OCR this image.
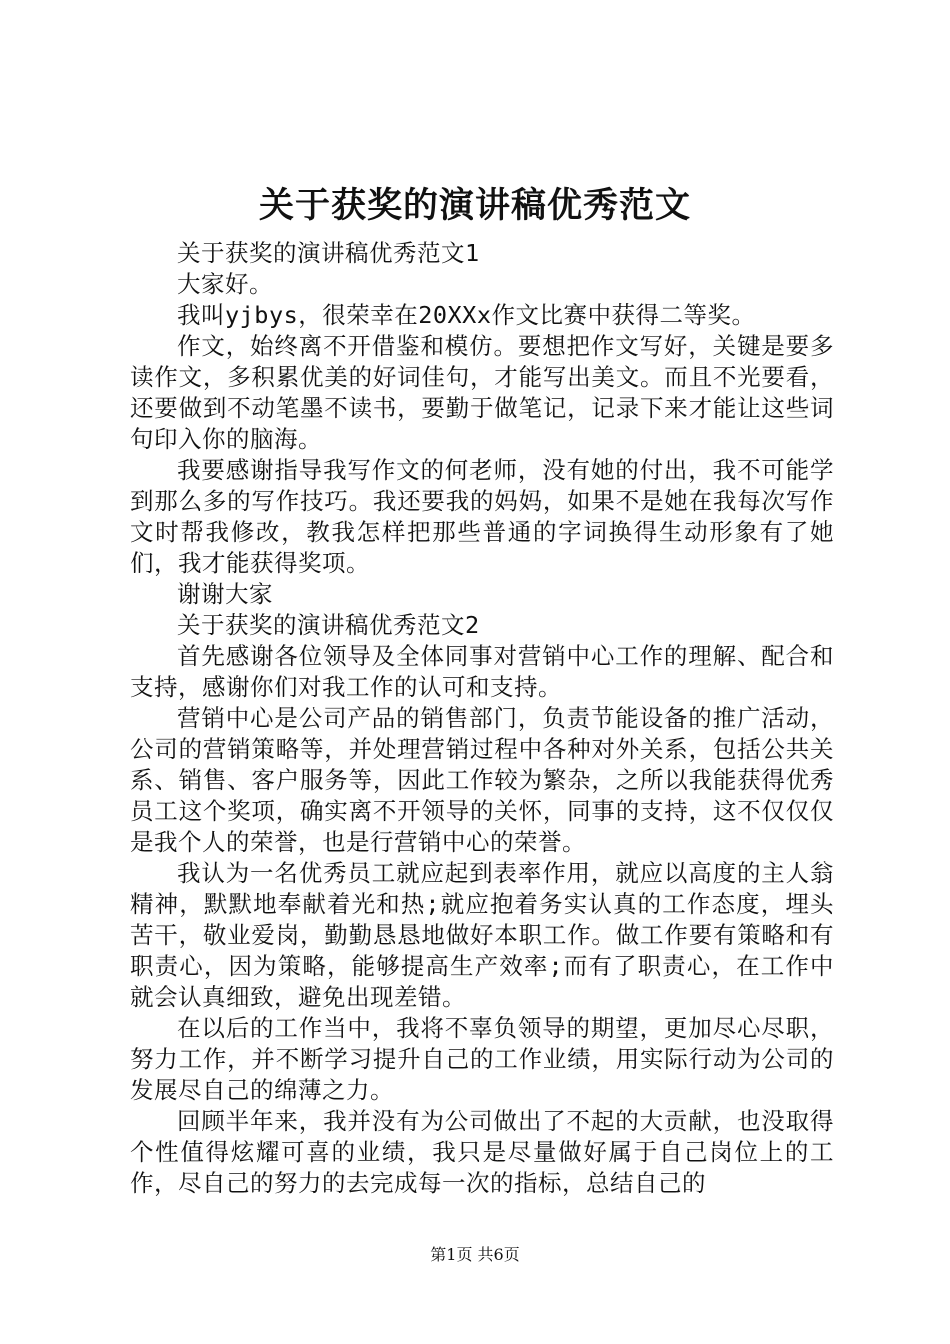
关于获奖的演讲稿优秀范文

关于获奖的演讲稿优秀范文1

大家好。

我叫yjbys，很荣幸在20XXx作文比赛中获得二等奖。

作文，始终离不开借鉴和模仿。要想把作文写好，关键是要多读作文，多积累优美的好词佳句，才能写出美文。而且不光要看，还要做到不动笔墨不读书，要勤于做笔记，记录下来才能让这些词句印入你的脑海。

我要感谢指导我写作文的何老师，没有她的付出，我不可能学到那么多的写作技巧。我还要我的妈妈，如果不是她在我每次写作文时帮我修改，教我怎样把那些普通的字词换得生动形象有了她们，我才能获得奖项。

谢谢大家

关于获奖的演讲稿优秀范文2

首先感谢各位领导及全体同事对营销中心工作的理解、配合和支持，感谢你们对我工作的认可和支持。

营销中心是公司产品的销售部门，负责节能设备的推广活动，公司的营销策略等，并处理营销过程中各种对外关系，包括公共关系、销售、客户服务等，因此工作较为繁杂，之所以我能获得优秀员工这个奖项，确实离不开领导的关怀，同事的支持，这不仅仅仅是我个人的荣誉，也是行营销中心的荣誉。

我认为一名优秀员工就应起到表率作用，就应以高度的主人翁精神，默默地奉献着光和热;就应抱着务实认真的工作态度，埋头苦干，敬业爱岗，勤勤恳恳地做好本职工作。做工作要有策略和有职责心，因为策略，能够提高生产效率;而有了职责心，在工作中就会认真细致，避免出现差错。

在以后的工作当中，我将不辜负领导的期望，更加尽心尽职，努力工作，并不断学习提升自己的工作业绩，用实际行动为公司的发展尽自己的绵薄之力。

回顾半年来，我并没有为公司做出了不起的大贡献，也没取得个性值得炫耀可喜的业绩，我只是尽量做好属于自己岗位上的工作，尽自己的努力的去完成每一次的指标，总结自己的

第1页 共6页
